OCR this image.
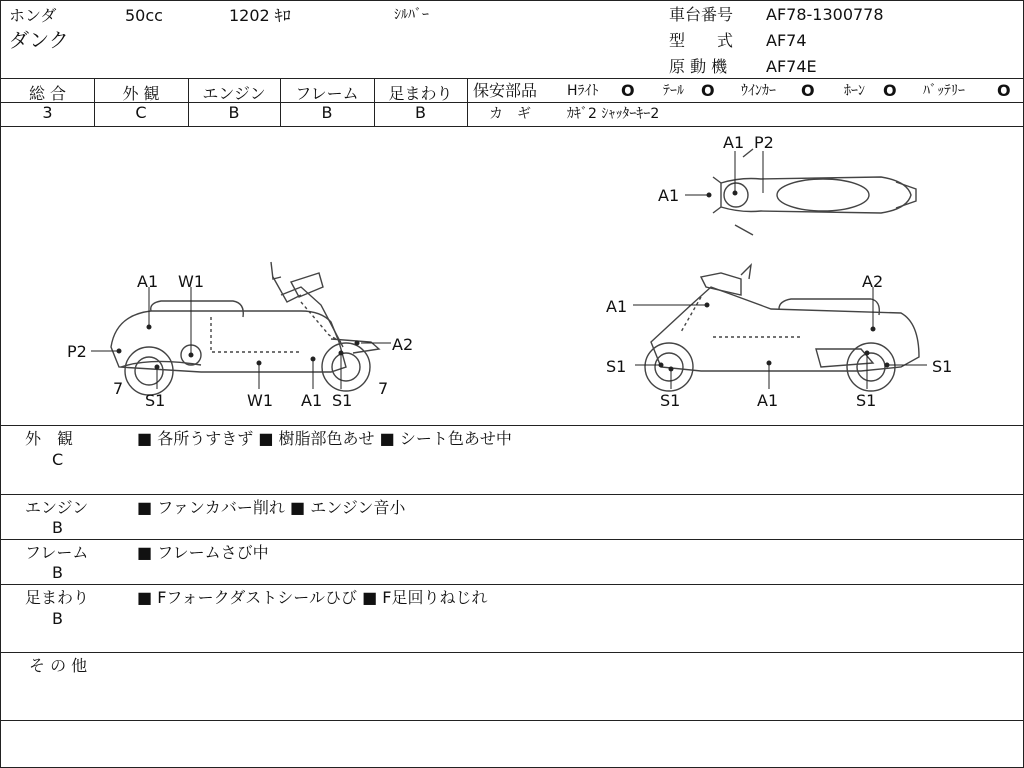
ホンダ	50cc	1202 ｷﾛ	ｼﾙﾊﾞｰ
ダンク
車台番号 AF78-1300778
型　　式 AF74
原 動 機 AF74E
総 合	外 観	エンジン	フレーム	足まわり
3	C	B	B	B
保安部品 Hﾗｲﾄ O ﾃｰﾙ O ｳｲﾝｶｰ O ﾎｰﾝ O ﾊﾞｯﾃﾘｰ O
カ　ギ	ｶｷﾞ2 ｼｬｯﾀｰｷｰ2
A1 W1
P2	A2
7	7
S1	W1 A1 S1
A1 P2
A1
A1
A2
S1	S1
S1	A1	S1
外　観
C
■ 各所うすきず ■ 樹脂部色あせ ■ シート色あせ中
エンジン
B
■ ファンカバー削れ ■ エンジン音小
フレーム
B
■ フレームさび中
足まわり
B
■ Fフォークダストシールひび ■ F足回りねじれ
そ の 他
